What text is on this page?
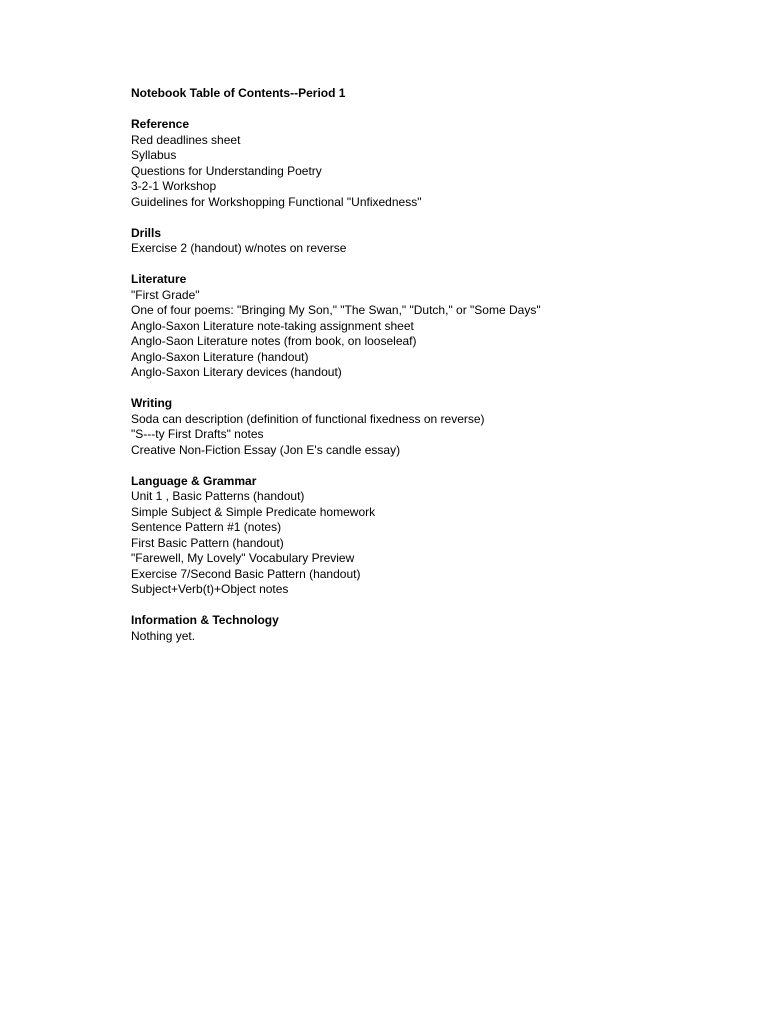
Notebook Table of Contents--Period 1
Reference
Red deadlines sheet
Syllabus
Questions for Understanding Poetry
3-2-1 Workshop
Guidelines for Workshopping Functional "Unfixedness"
Drills
Exercise 2 (handout) w/notes on reverse
Literature
"First Grade"
One of four poems: "Bringing My Son," "The Swan," "Dutch," or "Some Days"
Anglo-Saxon Literature note-taking assignment sheet
Anglo-Saon Literature notes (from book, on looseleaf)
Anglo-Saxon Literature (handout)
Anglo-Saxon Literary devices (handout)
Writing
Soda can description (definition of functional fixedness on reverse)
"S---ty First Drafts" notes
Creative Non-Fiction Essay (Jon E's candle essay)
Language & Grammar
Unit 1 , Basic Patterns (handout)
Simple Subject & Simple Predicate homework
Sentence Pattern #1 (notes)
First Basic Pattern (handout)
"Farewell, My Lovely" Vocabulary Preview
Exercise 7/Second Basic Pattern (handout)
Subject+Verb(t)+Object notes
Information & Technology
Nothing yet.
